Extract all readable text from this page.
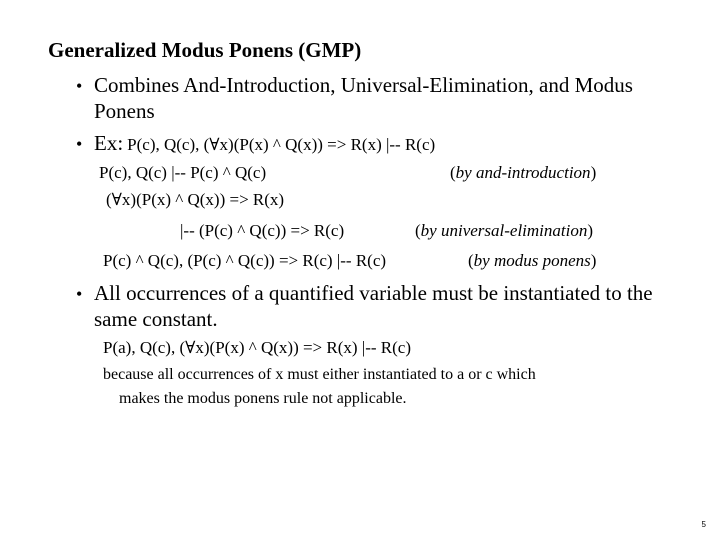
Generalized Modus Ponens (GMP)
• Combines And-Introduction, Universal-Elimination, and Modus
Ponens
• Ex: P(c), Q(c), (∀x)(P(x) ^ Q(x)) => R(x) |-- R(c)
P(c), Q(c) |-- P(c) ^ Q(c)	(by and-introduction)
(∀x)(P(x) ^ Q(x)) => R(x)
|-- (P(c) ^ Q(c)) => R(c)	(by universal-elimination)
P(c) ^ Q(c), (P(c) ^ Q(c)) => R(c) |-- R(c)	(by modus ponens)
• All occurrences of a quantified variable must be instantiated to the
same constant.
P(a), Q(c), (∀x)(P(x) ^ Q(x)) => R(x) |-- R(c)
because all occurrences of x must either instantiated to a or c which
makes the modus ponens rule not applicable.
5
